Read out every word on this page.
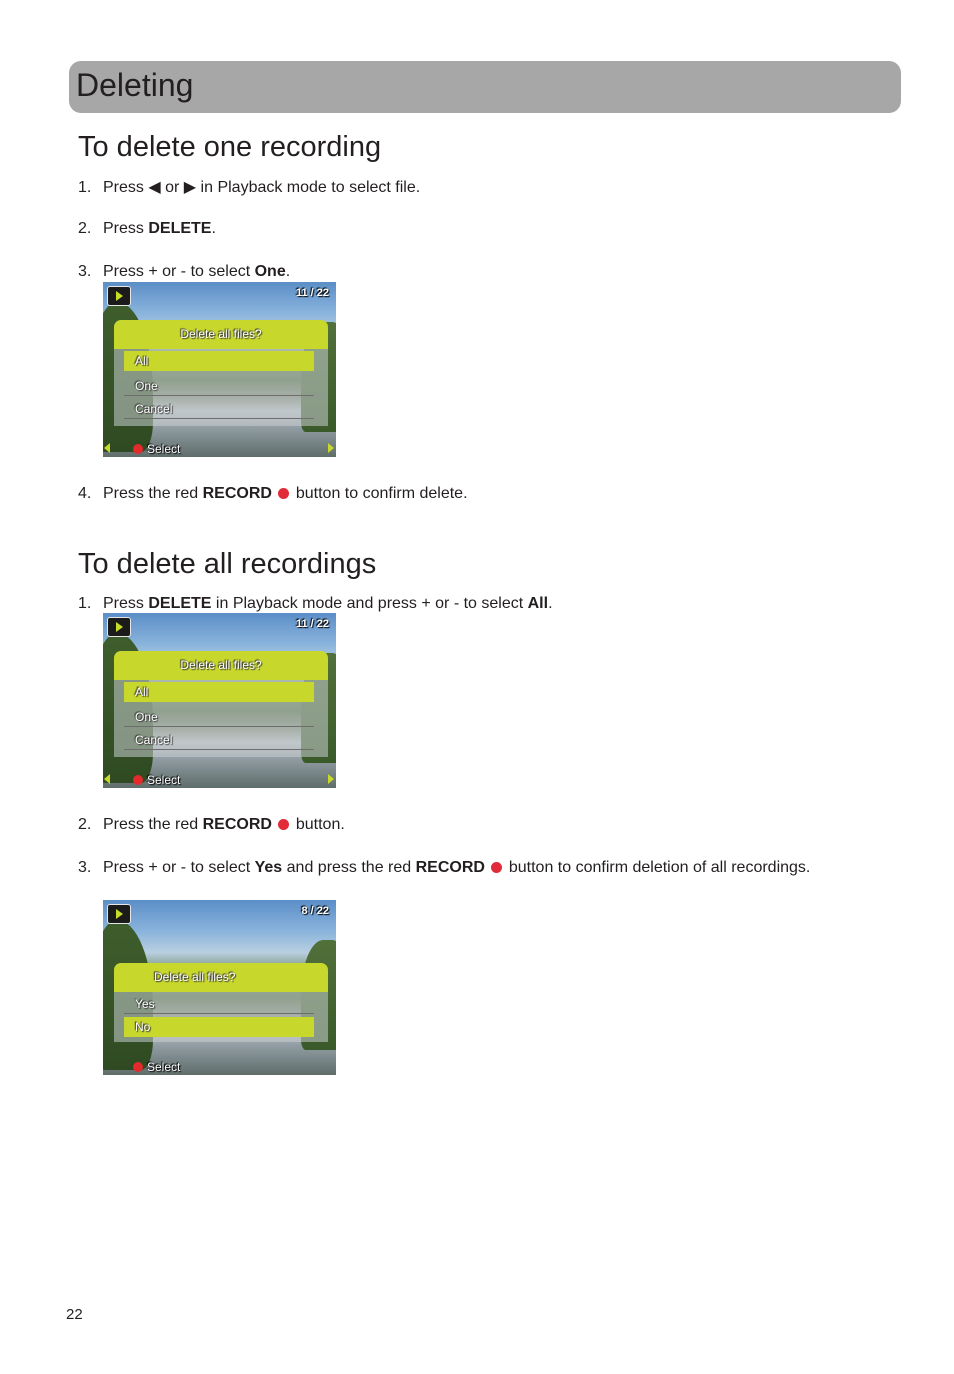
Deleting
To delete one recording

1. Press ◀ or ▶ in Playback mode to select file.

2. Press DELETE.

3. Press + or - to select One.

11 / 22
Delete all files?
All
One
Cancel
Select

4. Press the red RECORD  button to confirm delete.

To delete all recordings

1. Press DELETE in Playback mode and press + or - to select All.

11 / 22
Delete all files?
All
One
Cancel
Select

2. Press the red RECORD  button.

3. Press + or - to select Yes and press the red RECORD  button to confirm deletion of all recordings.

8 / 22
Delete all files?
Yes
No
Select
22
